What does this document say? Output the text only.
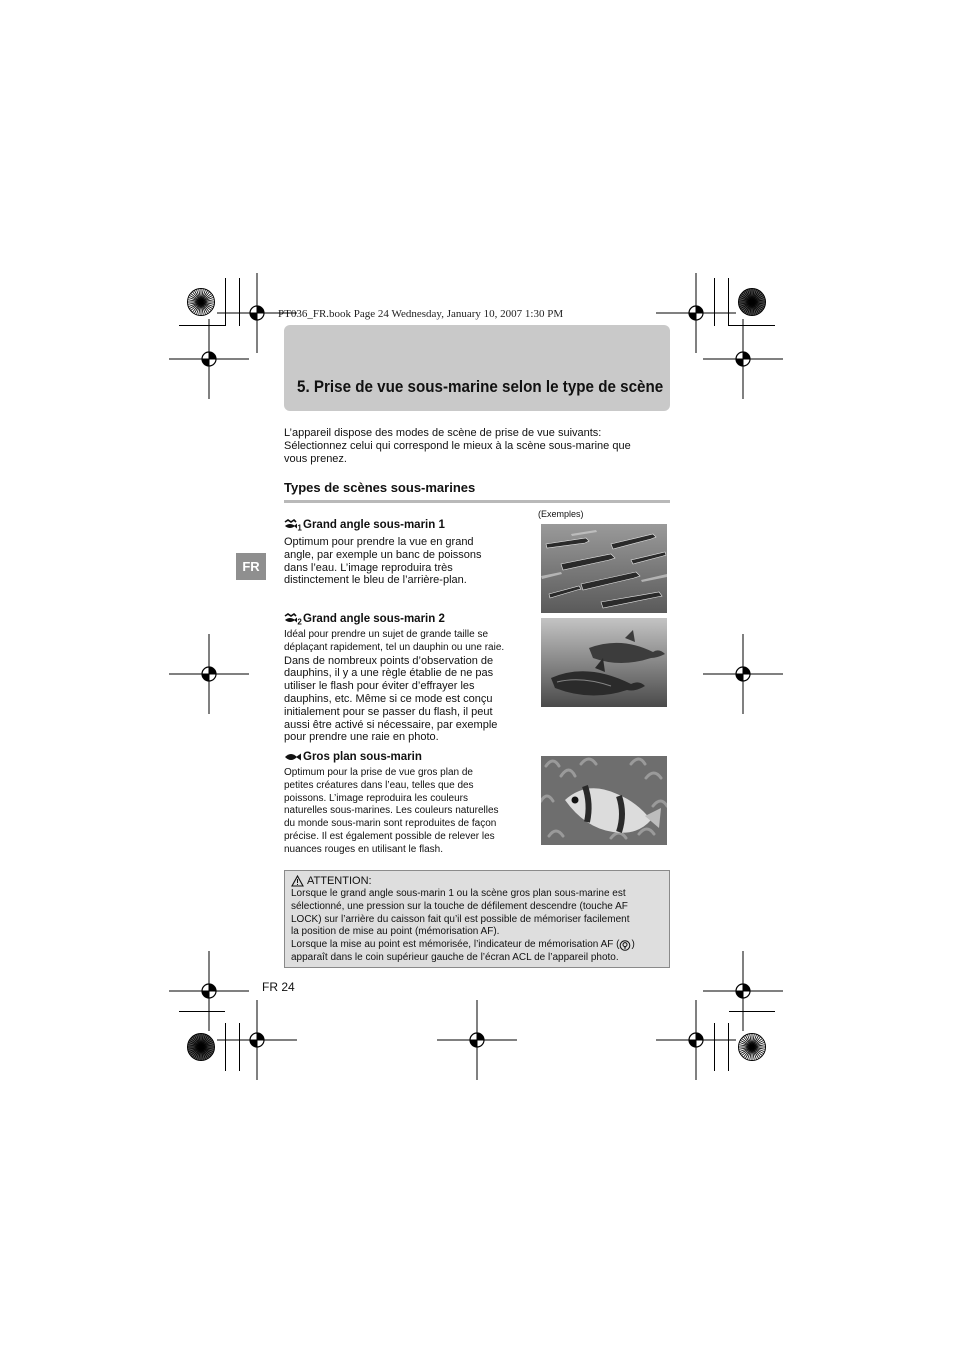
PT036_FR.book Page 24 Wednesday, January 10, 2007 1:30 PM
5. Prise de vue sous-marine selon le type de scène

L’appareil dispose des modes de scène de prise de vue suivants:

Sélectionnez celui qui correspond le mieux à la scène sous-marine que

vous prenez.

Types de scènes sous-marines
(Exemples)
FR
1 Grand angle sous-marin 1

Optimum pour prendre la vue en grand

angle, par exemple un banc de poissons

dans l’eau. L’image reproduira très

distinctement le bleu de l’arrière-plan.

2 Grand angle sous-marin 2

Idéal pour prendre un sujet de grande taille se

déplaçant rapidement, tel un dauphin ou une raie.

Dans de nombreux points d’observation de

dauphins, il y a une règle établie de ne pas

utiliser le flash pour éviter d’effrayer les

dauphins, etc. Même si ce mode est conçu

initialement pour se passer du flash, il peut

aussi être activé si nécessaire, par exemple

pour prendre une raie en photo.

Gros plan sous-marin

Optimum pour la prise de vue gros plan de

petites créatures dans l’eau, telles que des

poissons. L’image reproduira les couleurs

naturelles sous-marines. Les couleurs naturelles

du monde sous-marin sont reproduites de façon

précise. Il est également possible de relever les

nuances rouges en utilisant le flash.

ATTENTION:

Lorsque le grand angle sous-marin 1 ou la scène gros plan sous-marine est

sélectionné, une pression sur la touche de défilement descendre (touche AF

LOCK) sur l’arrière du caisson fait qu’il est possible de mémoriser facilement

la position de mise au point (mémorisation AF).

Lorsque la mise au point est mémorisée, l’indicateur de mémorisation AF ( )

apparaît dans le coin supérieur gauche de l’écran ACL de l’appareil photo.

FR 24
